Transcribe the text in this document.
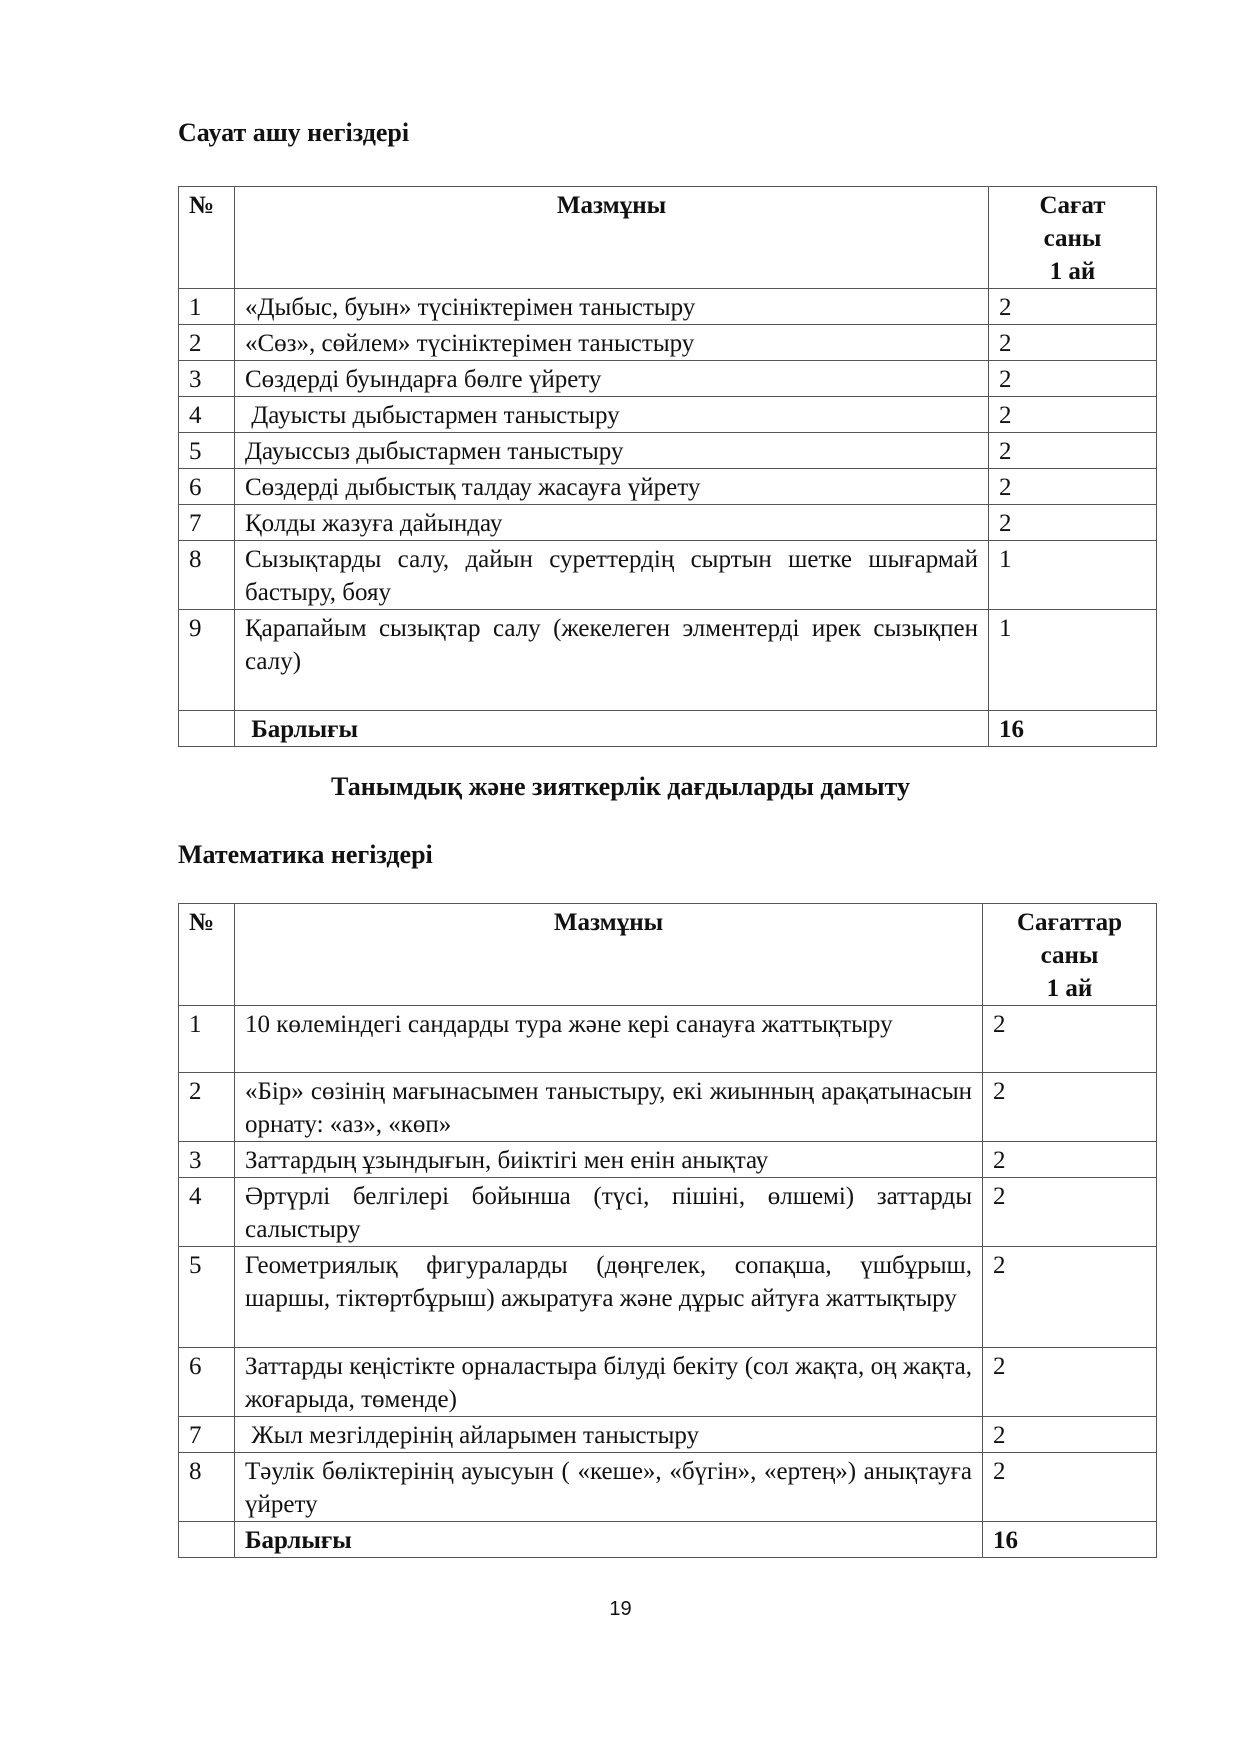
Сауат ашу негіздері
№	Мазмұны	Сағат
саны
1 ай
1	«Дыбыс, буын» түсініктерімен таныстыру	2
2	«Сөз», сөйлем» түсініктерімен таныстыру	2
3	Сөздерді буындарға бөлге үйрету	2
4	Дауысты дыбыстармен таныстыру	2
5	Дауыссыз дыбыстармен таныстыру	2
6	Сөздерді дыбыстық талдау жасауға үйрету	2
7	Қолды жазуға дайындау	2
8	Сызықтарды салу, дайын суреттердің сыртын шетке шығармай бастыру, бояу	1
9	Қарапайым сызықтар салу (жекелеген элментерді ирек сызықпен салу)	1
	Барлығы	16
Танымдық және зияткерлік дағдыларды дамыту
Математика негіздері
№	Мазмұны	Сағаттар
саны
1 ай
1	10 көлеміндегі сандарды тура және кері санауға жаттықтыру	2
2	«Бір» сөзінің мағынасымен таныстыру, екі жиынның арақатынасын орнату: «аз», «көп»	2
3	Заттардың ұзындығын, биіктігі мен енін анықтау	2
4	Әртүрлі белгілері бойынша (түсі, пішіні, өлшемі) заттарды салыстыру	2
5	Геометриялық фигураларды (дөңгелек, сопақша, үшбұрыш, шаршы, тіктөртбұрыш) ажыратуға және дұрыс айтуға жаттықтыру	2
6	Заттарды кеңістікте орналастыра білуді бекіту (сол жақта, оң жақта, жоғарыда, төменде)	2
7	Жыл мезгілдерінің айларымен таныстыру	2
8	Тәулік бөліктерінің ауысуын ( «кеше», «бүгін», «ертең») анықтауға үйрету	2
	Барлығы	16
19
